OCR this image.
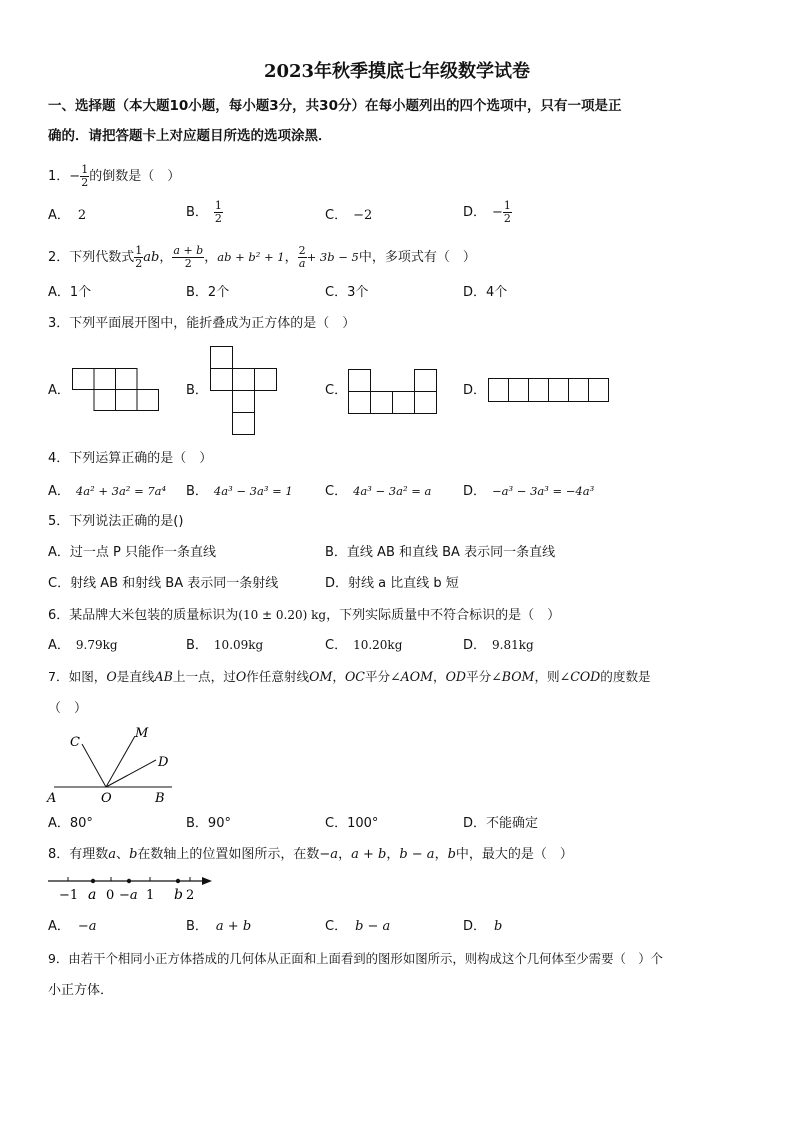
2023年秋季摸底七年级数学试卷
一、选择题（本大题10小题，每小题3分，共30分）在每小题列出的四个选项中，只有一项是正
确的．请把答题卡上对应题目所选的选项涂黑．
1．− $\frac{1}{2}$ 的倒数是（　）
A． 2	B． $\frac{1}{2}$	C． −2	D． − $\frac{1}{2}$
2．下列代数式 $\frac{1}{2}$ ab， $\frac{a + b}{2}$ ，ab + b² + 1， $\frac{2}{a} + 3b - 5$中，多项式有（　）
A．1个	B．2个	C．3个	D．4个
3．下列平面展开图中，能折叠成为正方体的是（　）
A．	B．	C．	D．
4．下列运算正确的是（　）
A． 4a² + 3a² = 7a⁴ B． 4a³ − 3a³ = 1 C． 4a³ − 3a² = a D． −a³ − 3a³ = −4a³
5．下列说法正确的是()
A．过一点 P 只能作一条直线	B．直线 AB 和直线 BA 表示同一条直线
C．射线 AB 和射线 BA 表示同一条射线	D．射线 a 比直线 b 短
6．某品牌大米包装的质量标识为(10 ± 0.20) kg，下列实际质量中不符合标识的是（　）
A． 9.79kg	B． 10.09kg	C． 10.20kg	D． 9.81kg
7．如图，O是直线AB上一点，过O作任意射线OM，OC平分∠AOM，OD平分∠BOM，则∠COD的度数是
（　）
C
M
D
A	O	B
A．80°	B．90°	C．100°	D．不能确定
8．有理数a、b在数轴上的位置如图所示，在数−a，a + b，b − a，b中，最大的是（　）
−1 a 0 −a 1 b 2
A． −a	B． a + b	C． b − a	D． b
9．由若干个相同小正方体搭成的几何体从正面和上面看到的图形如图所示，则构成这个几何体至少需要（　）个
小正方体．
